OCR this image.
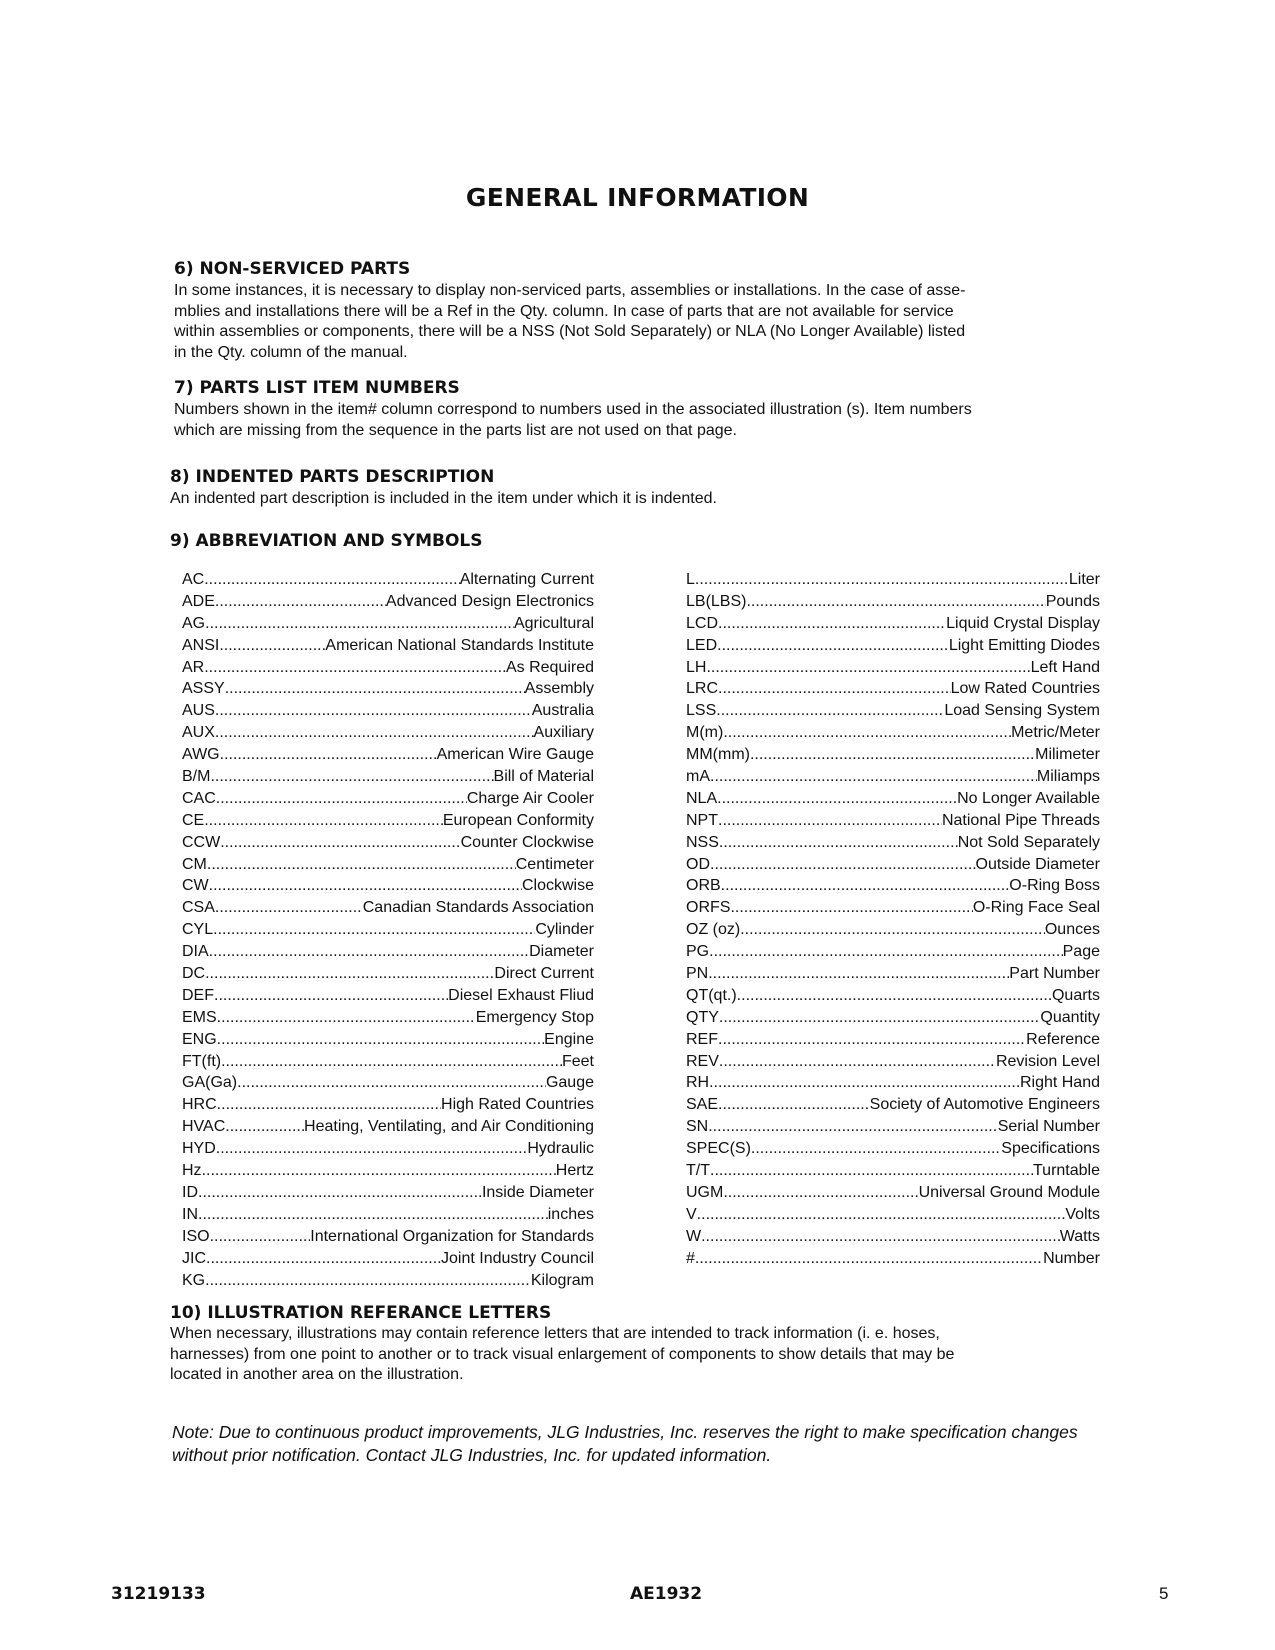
GENERAL INFORMATION
6) NON-SERVICED PARTS
In some instances, it is necessary to display non-serviced parts, assemblies or installations. In the case of asse-
mblies and installations there will be a Ref in the Qty. column. In case of parts that are not available for service
within assemblies or components, there will be a NSS (Not Sold Separately) or NLA (No Longer Available) listed
in the Qty. column of the manual.
7) PARTS LIST ITEM NUMBERS
Numbers shown in the item# column correspond to numbers used in the associated illustration (s). Item numbers
which are missing from the sequence in the parts list are not used on that page.
8) INDENTED PARTS DESCRIPTION
An indented part description is included in the item under which it is indented.
9) ABBREVIATION AND SYMBOLS
AC .....	Alternating Current
ADE .....	Advanced Design Electronics
AG .....	Agricultural
ANSI .....	American National Standards Institute
AR .....	As Required
ASSY .....	Assembly
AUS .....	Australia
AUX .....	Auxiliary
AWG .....	American Wire Gauge
B/M .....	Bill of Material
CAC .....	Charge Air Cooler
CE .....	European Conformity
CCW .....	Counter Clockwise
CM .....	Centimeter
CW .....	Clockwise
CSA .....	Canadian Standards Association
CYL .....	Cylinder
DIA .....	Diameter
DC .....	Direct Current
DEF .....	Diesel Exhaust Fliud
EMS .....	Emergency Stop
ENG .....	Engine
FT(ft) .....	Feet
GA(Ga) .....	Gauge
HRC .....	High Rated Countries
HVAC .....	Heating, Ventilating, and Air Conditioning
HYD .....	Hydraulic
Hz .....	Hertz
ID .....	Inside Diameter
IN .....	inches
ISO .....	International Organization for Standards
JIC .....	Joint Industry Council
KG .....	Kilogram
L .....	Liter
LB(LBS) .....	Pounds
LCD .....	Liquid Crystal Display
LED .....	Light Emitting Diodes
LH .....	Left Hand
LRC .....	Low Rated Countries
LSS .....	Load Sensing System
M(m) .....	Metric/Meter
MM(mm) .....	Milimeter
mA .....	Miliamps
NLA .....	No Longer Available
NPT .....	National Pipe Threads
NSS .....	Not Sold Separately
OD .....	Outside Diameter
ORB .....	O-Ring Boss
ORFS .....	O-Ring Face Seal
OZ (oz) .....	Ounces
PG .....	Page
PN .....	Part Number
QT(qt.) .....	Quarts
QTY .....	Quantity
REF .....	Reference
REV .....	Revision Level
RH .....	Right Hand
SAE .....	Society of Automotive Engineers
SN .....	Serial Number
SPEC(S) .....	Specifications
T/T .....	Turntable
UGM .....	Universal Ground Module
V .....	Volts
W .....	Watts
# .....	Number
10) ILLUSTRATION REFERANCE LETTERS
When necessary, illustrations may contain reference letters that are intended to track information (i. e. hoses,
harnesses) from one point to another or to track visual enlargement of components to show details that may be
located in another area on the illustration.

Note: Due to continuous product improvements, JLG Industries, Inc. reserves the right to make specification changes without prior notification. Contact JLG Industries, Inc. for updated information.

31219133	AE1932	5
